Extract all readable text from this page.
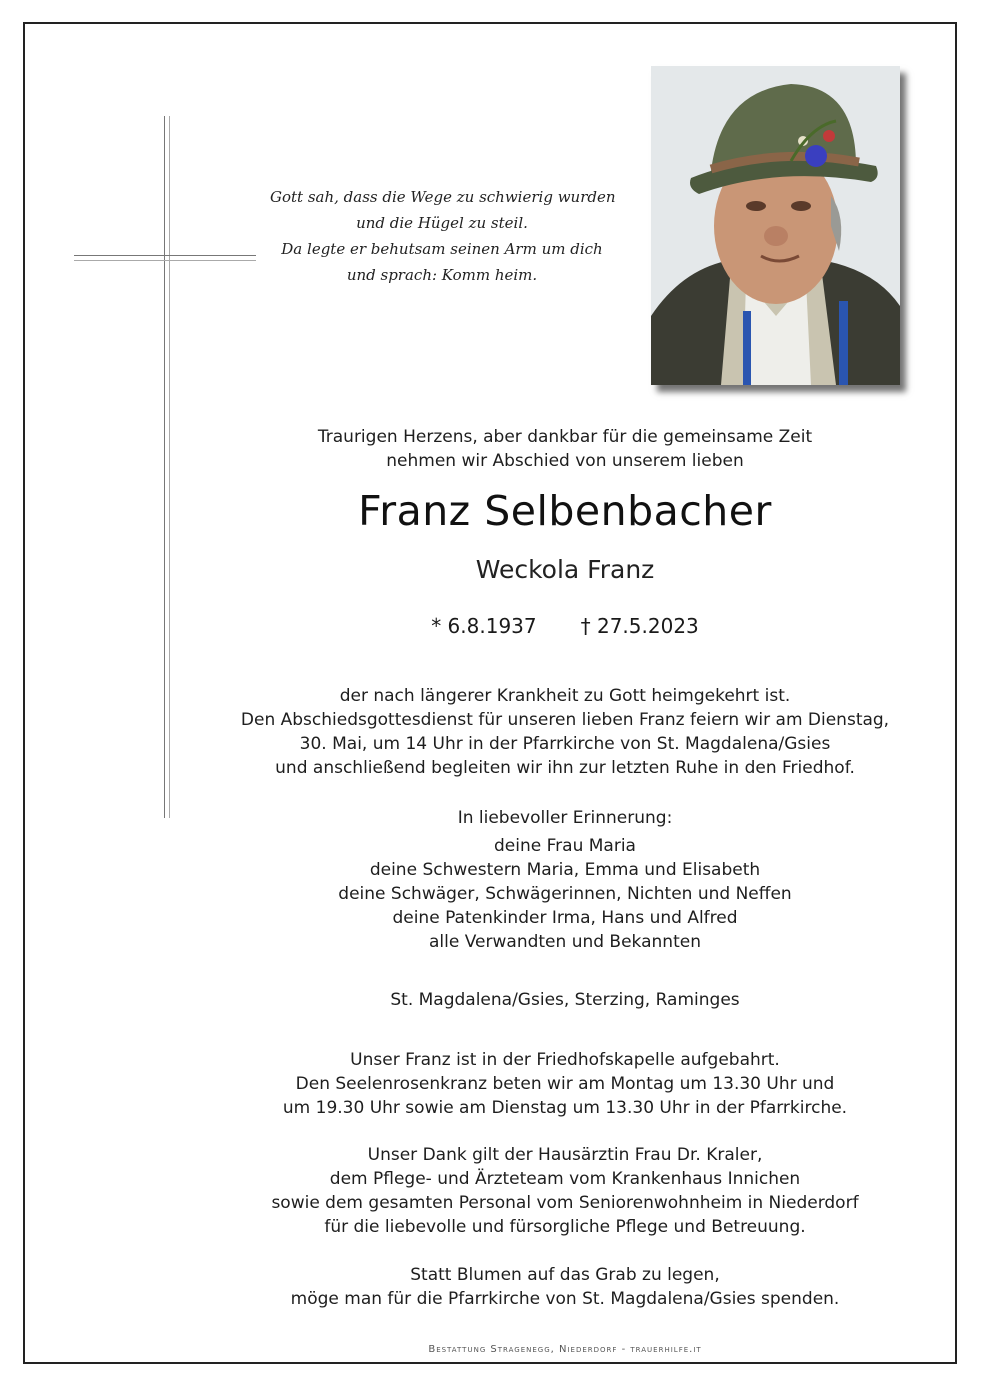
Gott sah, dass die Wege zu schwierig wurden
und die Hügel zu steil.
Da legte er behutsam seinen Arm um dich
und sprach: Komm heim.
Traurigen Herzens, aber dankbar für die gemeinsame Zeit
nehmen wir Abschied von unserem lieben
Franz Selbenbacher
Weckola Franz
* 6.8.1937 † 27.5.2023
der nach längerer Krankheit zu Gott heimgekehrt ist.
Den Abschiedsgottesdienst für unseren lieben Franz feiern wir am Dienstag,
30. Mai, um 14 Uhr in der Pfarrkirche von St. Magdalena/Gsies
und anschließend begleiten wir ihn zur letzten Ruhe in den Friedhof.
In liebevoller Erinnerung:
deine Frau Maria
deine Schwestern Maria, Emma und Elisabeth
deine Schwäger, Schwägerinnen, Nichten und Neffen
deine Patenkinder Irma, Hans und Alfred
alle Verwandten und Bekannten
St. Magdalena/Gsies, Sterzing, Raminges
Unser Franz ist in der Friedhofskapelle aufgebahrt.
Den Seelenrosenkranz beten wir am Montag um 13.30 Uhr und
um 19.30 Uhr sowie am Dienstag um 13.30 Uhr in der Pfarrkirche.
Unser Dank gilt der Hausärztin Frau Dr. Kraler,
dem Pflege- und Ärzteteam vom Krankenhaus Innichen
sowie dem gesamten Personal vom Seniorenwohnheim in Niederdorf
für die liebevolle und fürsorgliche Pflege und Betreuung.
Statt Blumen auf das Grab zu legen,
möge man für die Pfarrkirche von St. Magdalena/Gsies spenden.
Bestattung Stragenegg, Niederdorf - trauerhilfe.it
